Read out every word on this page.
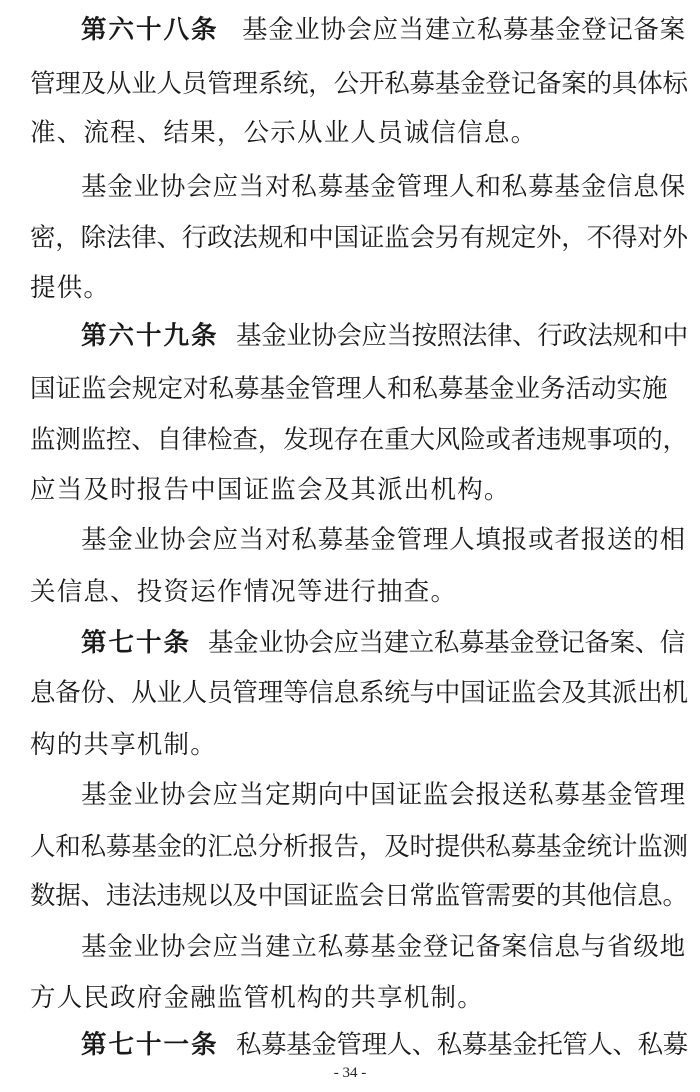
第六十八条 基金业协会应当建立私募基金登记备案
管理及从业人员管理系统，公开私募基金登记备案的具体标
准、流程、结果，公示从业人员诚信信息。
基金业协会应当对私募基金管理人和私募基金信息保
密，除法律、行政法规和中国证监会另有规定外，不得对外
提供。
第六十九条 基金业协会应当按照法律、行政法规和中
国证监会规定对私募基金管理人和私募基金业务活动实施
监测监控、自律检查，发现存在重大风险或者违规事项的，
应当及时报告中国证监会及其派出机构。
基金业协会应当对私募基金管理人填报或者报送的相
关信息、投资运作情况等进行抽查。
第七十条 基金业协会应当建立私募基金登记备案、信
息备份、从业人员管理等信息系统与中国证监会及其派出机
构的共享机制。
基金业协会应当定期向中国证监会报送私募基金管理
人和私募基金的汇总分析报告，及时提供私募基金统计监测
数据、违法违规以及中国证监会日常监管需要的其他信息。
基金业协会应当建立私募基金登记备案信息与省级地
方人民政府金融监管机构的共享机制。
第七十一条 私募基金管理人、私募基金托管人、私募
- 34 -
